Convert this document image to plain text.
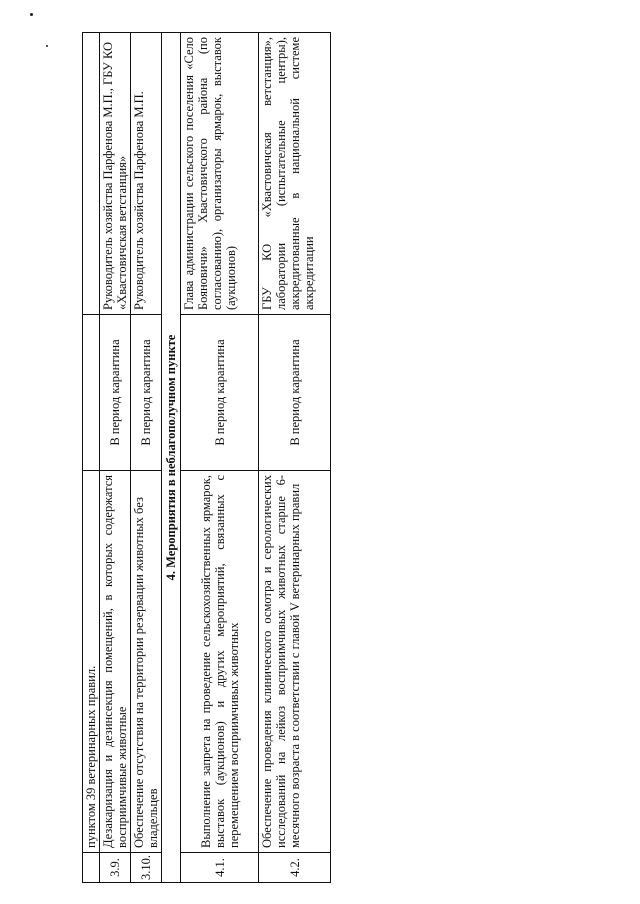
	пунктом 39 ветеринарных правил.		
3.9.	Дезакаризация и дезинсекция помещений, в которых содержатся восприимчивые животные	В период карантина	Руководитель хозяйства Парфенова М.П., ГБУ КО «Хвастовичская ветстанция»
3.10.	Обеспечение отсутствия на территории резервации животных без владельцев	В период карантина	Руководитель хозяйства Парфенова М.П.
4. Мероприятия в неблагополучном пункте			
4.1.	Выполнение запрета на проведение сельскохозяйственных ярмарок, выставок (аукционов) и других мероприятий, связанных с перемещением восприимчивых животных	В период карантина	Глава администрации сельского поселения «Село Бояновичи» Хвастовичского района (по согласованию), организаторы ярмарок, выставок (аукционов)
4.2.	Обеспечение проведения клинического осмотра и серологических исследований на лейкоз восприимчивых животных старше 6-месячного возраста в соответствии с главой V ветеринарных правил	В период карантина	ГБУ КО «Хвастовичская ветстанция», лаборатории (испытательные центры), аккредитованные в национальной системе аккредитации
